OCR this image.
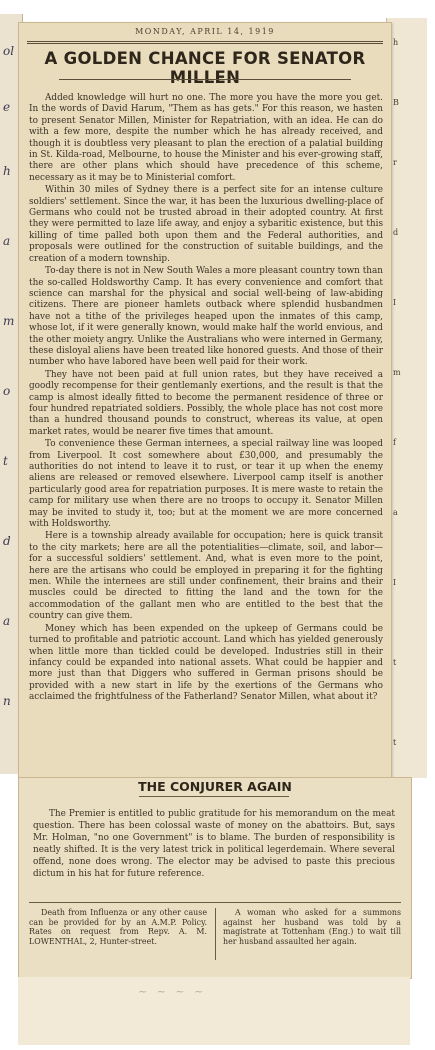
ol
e
h
a
m
o
t
d
a
n
h
B
r
d
I
m
f
a
I
t
t
MONDAY, APRIL 14, 1919
A GOLDEN CHANCE FOR SENATOR MILLEN

Added knowledge will hurt no one. The more you have the more you get. In the words of David Harum, "Them as has gets." For this reason, we hasten to present Senator Millen, Minister for Repatriation, with an idea. He can do with a few more, despite the number which he has already received, and though it is doubtless very pleasant to plan the erection of a palatial building in St. Kilda-road, Melbourne, to house the Minister and his ever-growing staff, there are other plans which should have precedence of this scheme, necessary as it may be to Ministerial comfort.

Within 30 miles of Sydney there is a perfect site for an intense culture soldiers' settlement. Since the war, it has been the luxurious dwelling-place of Germans who could not be trusted abroad in their adopted country. At first they were permitted to laze life away, and enjoy a sybaritic existence, but this killing of time palled both upon them and the Federal authorities, and proposals were outlined for the construction of suitable buildings, and the creation of a modern township.

To-day there is not in New South Wales a more pleasant country town than the so-called Holdsworthy Camp. It has every convenience and comfort that science can marshal for the physical and social well-being of law-abiding citizens. There are pioneer hamlets outback where splendid husbandmen have not a tithe of the privileges heaped upon the inmates of this camp, whose lot, if it were generally known, would make half the world envious, and the other moiety angry. Unlike the Australians who were interned in Germany, these disloyal aliens have been treated like honored guests. And those of their number who have labored have been well paid for their work.

They have not been paid at full union rates, but they have received a goodly recompense for their gentlemanly exertions, and the result is that the camp is almost ideally fitted to become the permanent residence of three or four hundred repatriated soldiers. Possibly, the whole place has not cost more than a hundred thousand pounds to construct, whereas its value, at open market rates, would be nearer five times that amount.

To convenience these German internees, a special railway line was looped from Liverpool. It cost somewhere about £30,000, and presumably the authorities do not intend to leave it to rust, or tear it up when the enemy aliens are released or removed elsewhere. Liverpool camp itself is another particularly good area for repatriation purposes. It is mere waste to retain the camp for military use when there are no troops to occupy it. Senator Millen may be invited to study it, too; but at the moment we are more concerned with Holdsworthy.

Here is a township already available for occupation; here is quick transit to the city markets; here are all the potentialities—climate, soil, and labor—for a successful soldiers' settlement. And, what is even more to the point, here are the artisans who could be employed in preparing it for the fighting men. While the internees are still under confinement, their brains and their muscles could be directed to fitting the land and the town for the accommodation of the gallant men who are entitled to the best that the country can give them.

Money which has been expended on the upkeep of Germans could be turned to profitable and patriotic account. Land which has yielded generously when little more than tickled could be developed. Industries still in their infancy could be expanded into national assets. What could be happier and more just than that Diggers who suffered in German prisons should be provided with a new start in life by the exertions of the Germans who acclaimed the frightfulness of the Fatherland? Senator Millen, what about it?

THE CONJURER AGAIN

The Premier is entitled to public gratitude for his memorandum on the meat question. There has been colossal waste of money on the abattoirs. But, says Mr. Holman, "no one Government" is to blame. The burden of responsibility is neatly shifted. It is the very latest trick in political legerdemain. Where several offend, none does wrong. The elector may be advised to paste this precious dictum in his hat for future reference.

Death from Influenza or any other cause can be provided for by an A.M.P. Policy. Rates on request from Repv. A. M. LOWENTHAL, 2, Hunter-street.
A woman who asked for a summons against her husband was told by a magistrate at Tottenham (Eng.) to wait till her husband assaulted her again.
~ ~ ~ ~
